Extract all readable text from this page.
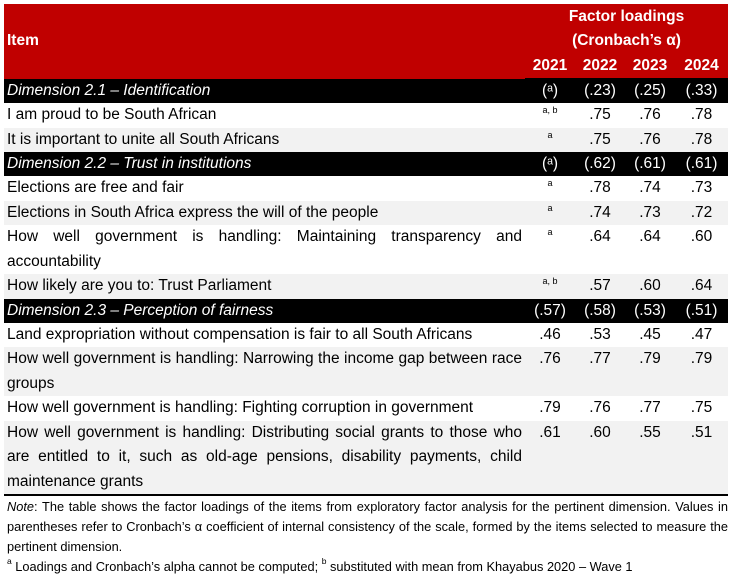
Item	Factor loadings			
	(Cronbach’s α)			
	2021	2022	2023	2024
Dimension 2.1 – Identification	(ᵃ)	(.23)	(.25)	(.33)
I am proud to be South African	a, b	.75	.76	.78
It is important to unite all South Africans	a	.75	.76	.78
Dimension 2.2 – Trust in institutions	(ᵃ)	(.62)	(.61)	(.61)
Elections are free and fair	a	.78	.74	.73
Elections in South Africa express the will of the people	a	.74	.73	.72
How well government is handling: Maintaining transparency and accountability	a	.64	.64	.60
How likely are you to: Trust Parliament	a, b	.57	.60	.64
Dimension 2.3 – Perception of fairness	(.57)	(.58)	(.53)	(.51)
Land expropriation without compensation is fair to all South Africans	.46	.53	.45	.47
How well government is handling: Narrowing the income gap between race groups	.76	.77	.79	.79
How well government is handling: Fighting corruption in government	.79	.76	.77	.75
How well government is handling: Distributing social grants to those who are entitled to it, such as old-age pensions, disability payments, child maintenance grants	.61	.60	.55	.51
Note: The table shows the factor loadings of the items from exploratory factor analysis for the pertinent dimension. Values in parentheses refer to Cronbach’s α coefficient of internal consistency of the scale, formed by the items selected to measure the pertinent dimension.
$^a$ Loadings and Cronbach’s alpha cannot be computed; $^b$ substituted with mean from Khayabus 2020 – Wave 1
